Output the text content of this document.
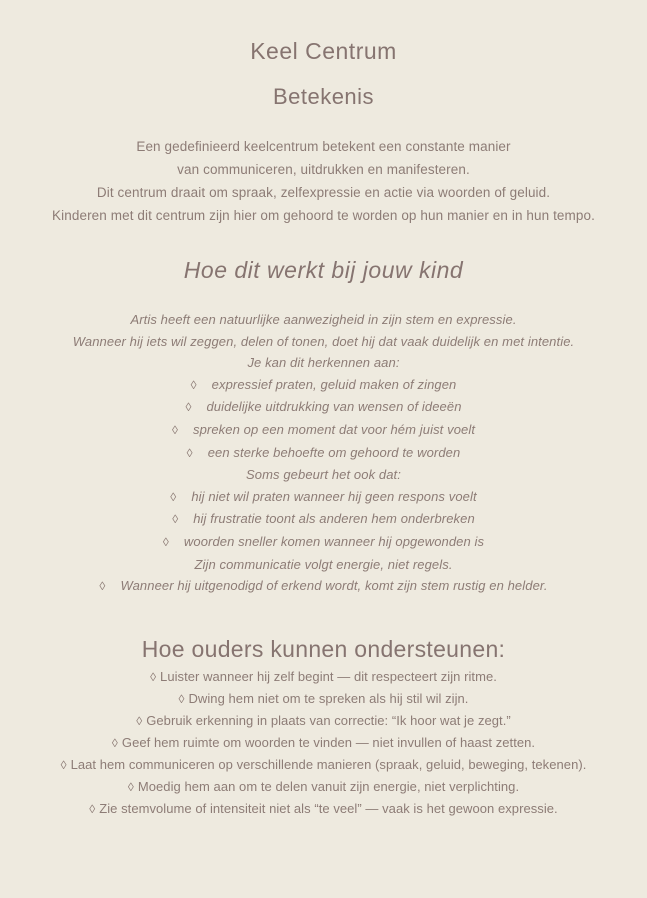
Keel Centrum
Betekenis
Een gedefinieerd keelcentrum betekent een constante manier
van communiceren, uitdrukken en manifesteren.
Dit centrum draait om spraak, zelfexpressie en actie via woorden of geluid.
Kinderen met dit centrum zijn hier om gehoord te worden op hun manier en in hun tempo.
Hoe dit werkt bij jouw kind
Artis heeft een natuurlijke aanwezigheid in zijn stem en expressie.
Wanneer hij iets wil zeggen, delen of tonen, doet hij dat vaak duidelijk en met intentie.
Je kan dit herkennen aan:
◊ expressief praten, geluid maken of zingen
◊ duidelijke uitdrukking van wensen of ideeën
◊ spreken op een moment dat voor hém juist voelt
◊ een sterke behoefte om gehoord te worden
Soms gebeurt het ook dat:
◊ hij niet wil praten wanneer hij geen respons voelt
◊ hij frustratie toont als anderen hem onderbreken
◊ woorden sneller komen wanneer hij opgewonden is
Zijn communicatie volgt energie, niet regels.
◊ Wanneer hij uitgenodigd of erkend wordt, komt zijn stem rustig en helder.
Hoe ouders kunnen ondersteunen:
◊ Luister wanneer hij zelf begint — dit respecteert zijn ritme.
◊ Dwing hem niet om te spreken als hij stil wil zijn.
◊ Gebruik erkenning in plaats van correctie: “Ik hoor wat je zegt.”
◊ Geef hem ruimte om woorden te vinden — niet invullen of haast zetten.
◊ Laat hem communiceren op verschillende manieren (spraak, geluid, beweging, tekenen).
◊ Moedig hem aan om te delen vanuit zijn energie, niet verplichting.
◊ Zie stemvolume of intensiteit niet als “te veel” — vaak is het gewoon expressie.
